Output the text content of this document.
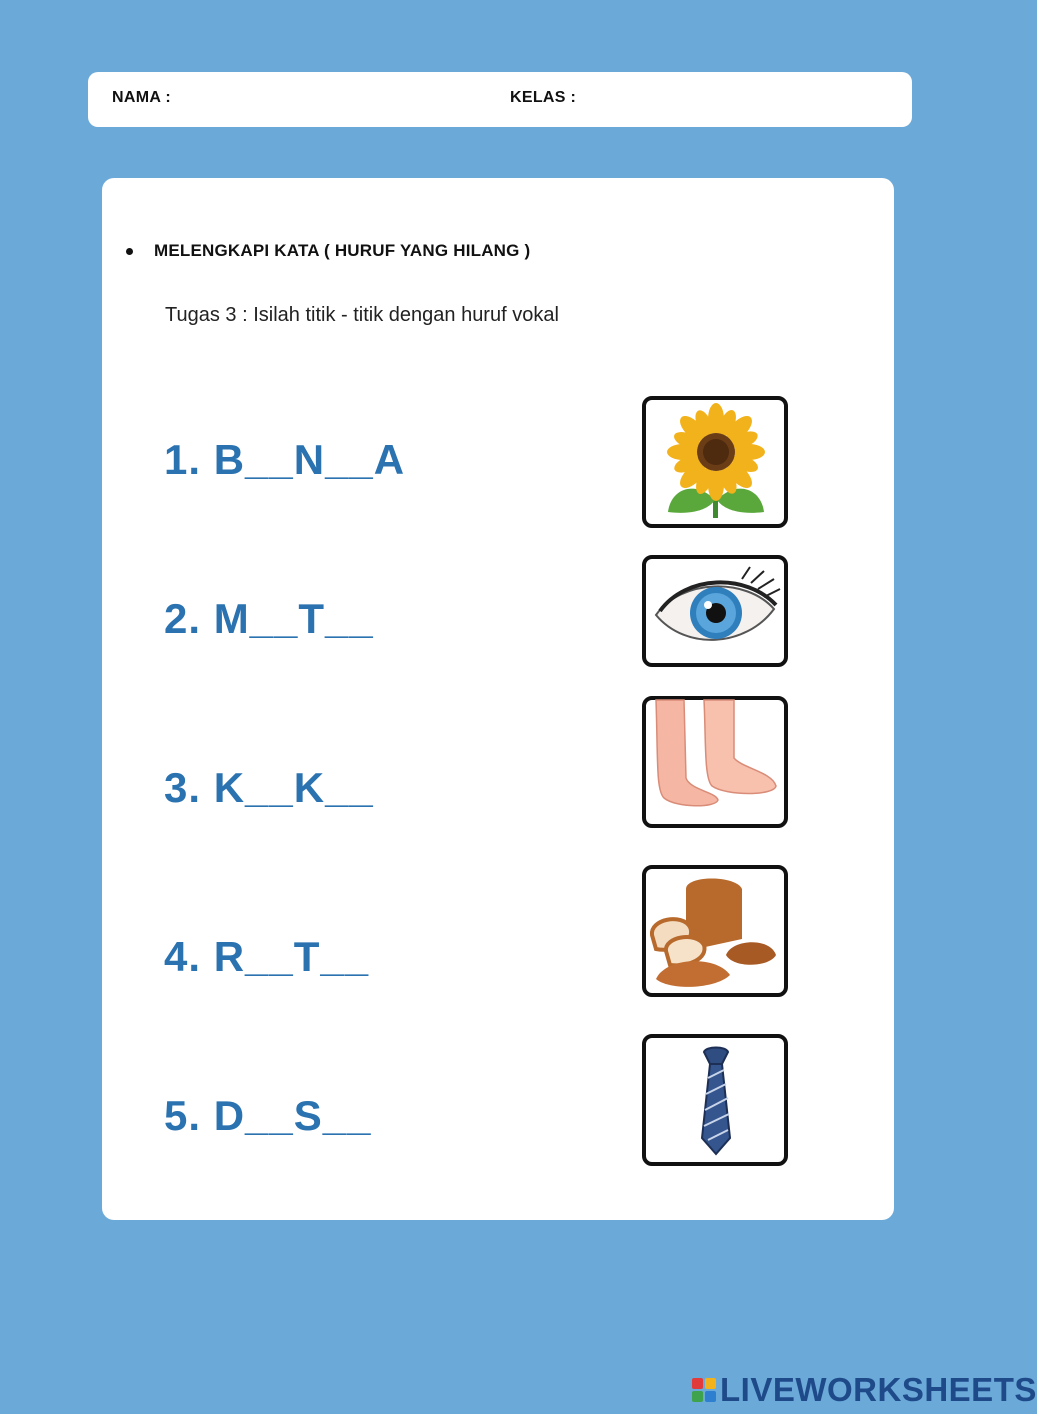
NAMA :	KELAS :
MELENGKAPI KATA ( HURUF YANG HILANG )
Tugas 3 : Isilah titik - titik dengan huruf vokal
1. B__N__A
2. M__T__
3. K__K__
4. R__T__
5. D__S__
LIVEWORKSHEETS
